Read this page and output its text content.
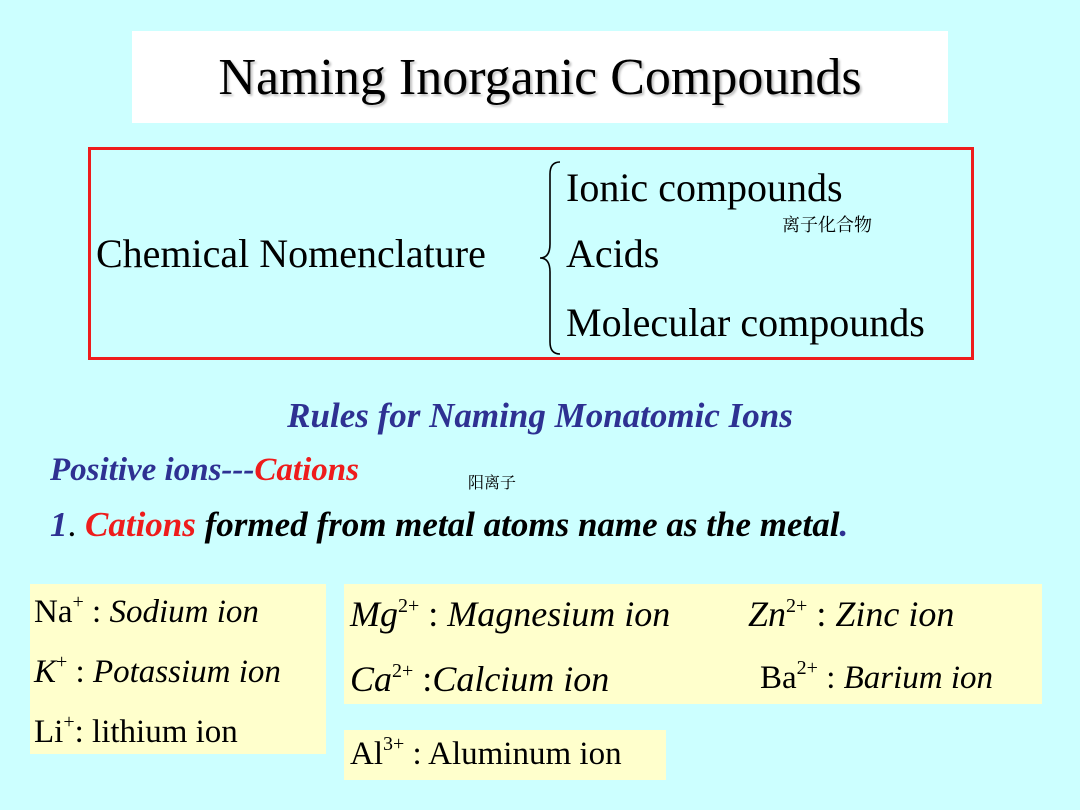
Naming Inorganic Compounds
Chemical Nomenclature
Ionic compounds
离子化合物
Acids
Molecular compounds
Rules for Naming Monatomic Ions
Positive ions---Cations	阳离子
1. Cations formed from metal atoms name as the metal.
Na+ : Sodium ion
K+ : Potassium ion
Li+: lithium ion
$Mg^{2+}$ : Magnesium ion $Zn^{2+}$ : Zinc ion
$Ca^{2+}$ :Calcium ion	$Ba^{2+}$ : Barium ion
$Al^{3+}$ : Aluminum ion
